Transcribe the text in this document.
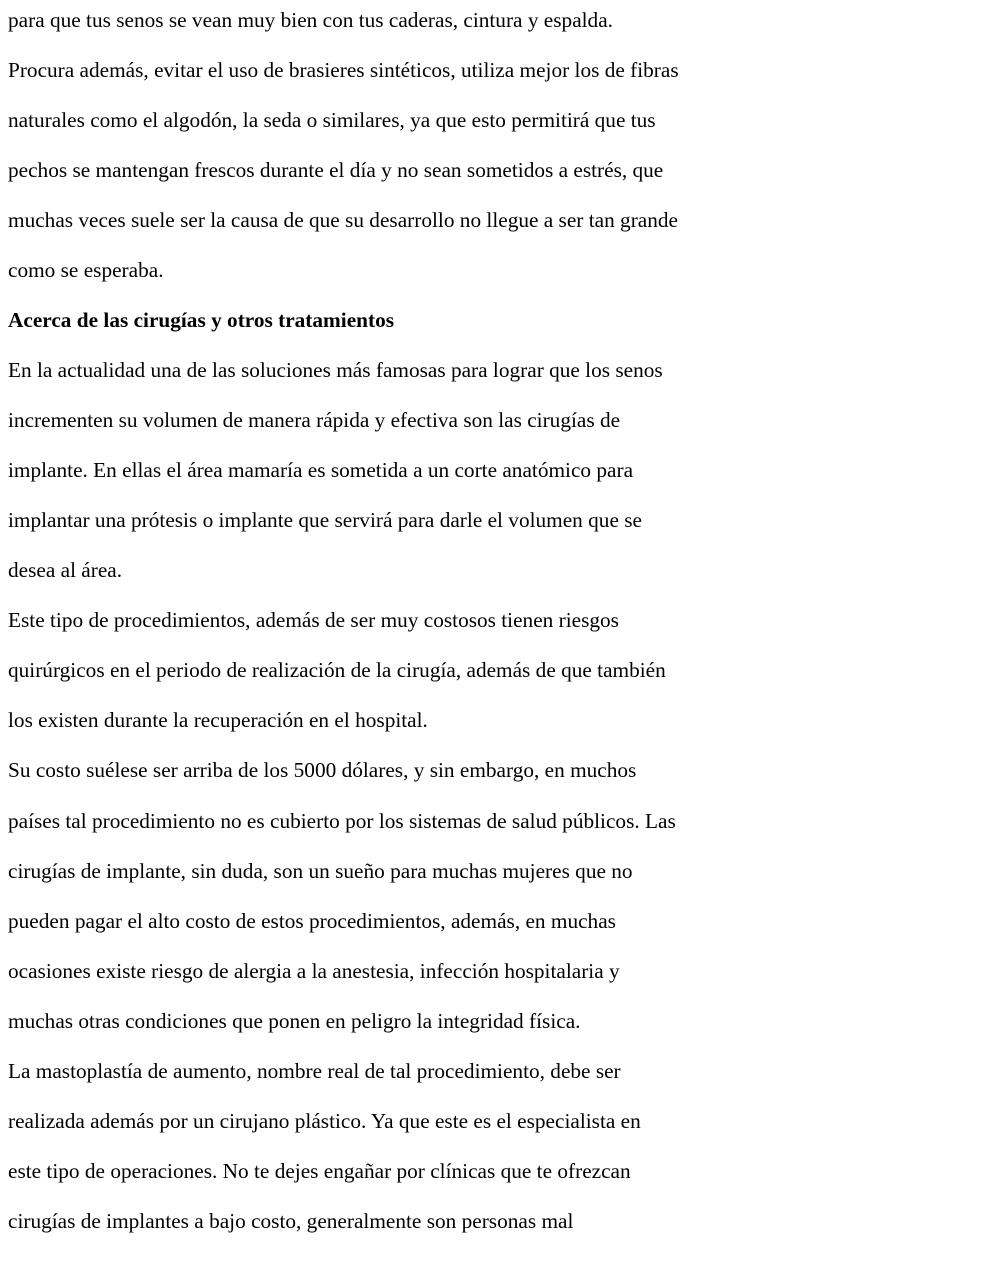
para que tus senos se vean muy bien con tus caderas, cintura y espalda.
Procura además, evitar el uso de brasieres sintéticos, utiliza mejor los de fibras
naturales como el algodón, la seda o similares, ya que esto permitirá que tus
pechos se mantengan frescos durante el día y no sean sometidos a estrés, que
muchas veces suele ser la causa de que su desarrollo no llegue a ser tan grande
como se esperaba.
Acerca de las cirugías y otros tratamientos
En la actualidad una de las soluciones más famosas para lograr que los senos
incrementen su volumen de manera rápida y efectiva son las cirugías de
implante. En ellas el área mamaría es sometida a un corte anatómico para
implantar una prótesis o implante que servirá para darle el volumen que se
desea al área.
Este tipo de procedimientos, además de ser muy costosos tienen riesgos
quirúrgicos en el periodo de realización de la cirugía, además de que también
los existen durante la recuperación en el hospital.
Su costo suélese ser arriba de los 5000 dólares, y sin embargo, en muchos
países tal procedimiento no es cubierto por los sistemas de salud públicos. Las
cirugías de implante, sin duda, son un sueño para muchas mujeres que no
pueden pagar el alto costo de estos procedimientos, además, en muchas
ocasiones existe riesgo de alergia a la anestesia, infección hospitalaria y
muchas otras condiciones que ponen en peligro la integridad física.
La mastoplastía de aumento, nombre real de tal procedimiento, debe ser
realizada además por un cirujano plástico. Ya que este es el especialista en
este tipo de operaciones. No te dejes engañar por clínicas que te ofrezcan
cirugías de implantes a bajo costo, generalmente son personas mal
